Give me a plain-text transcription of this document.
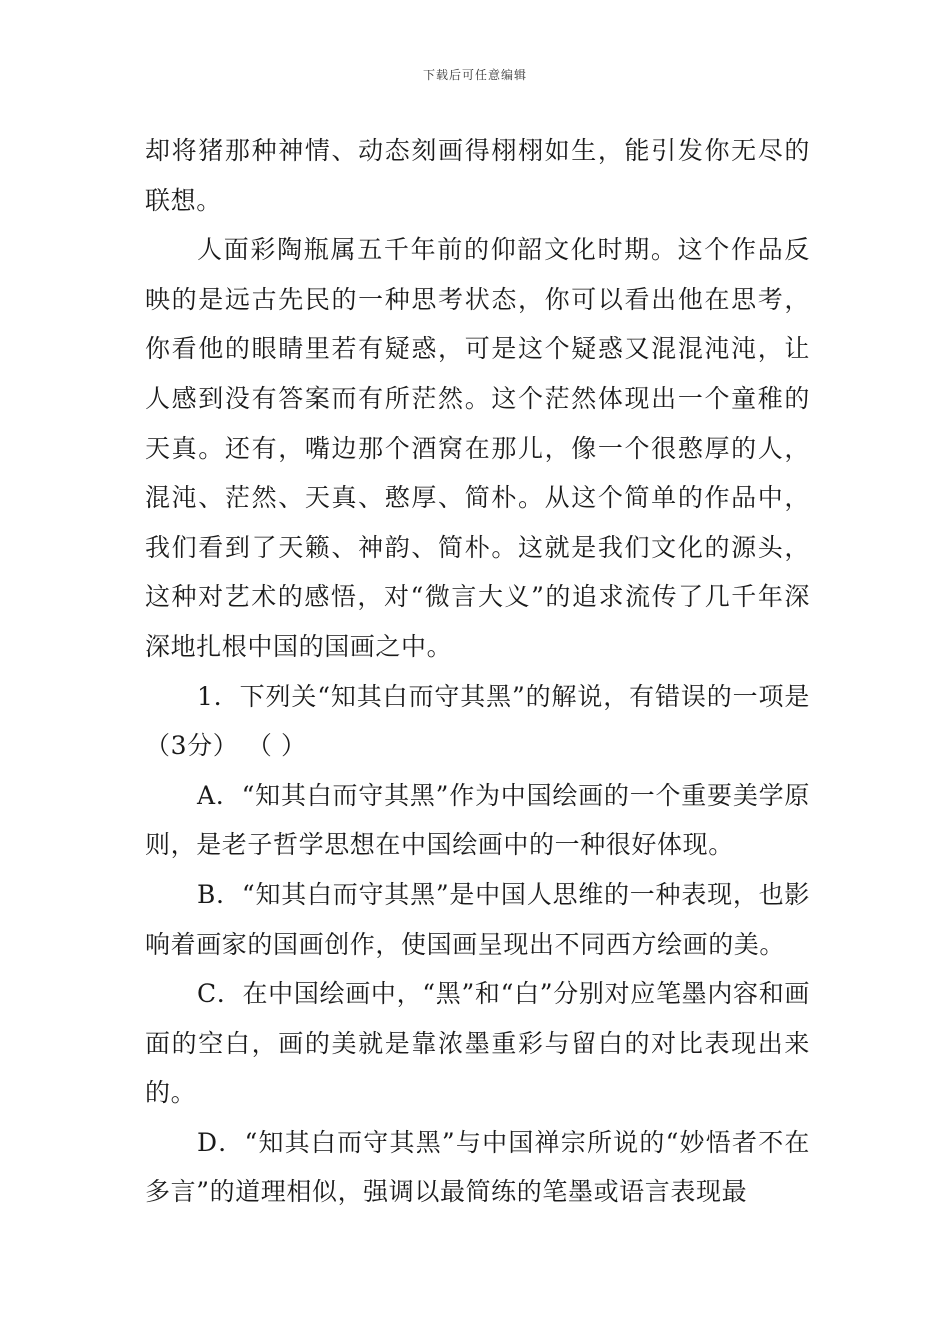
下载后可任意编辑

却将猪那种神情、动态刻画得栩栩如生，能引发你无尽的联想。

人面彩陶瓶属五千年前的仰韶文化时期。这个作品反映的是远古先民的一种思考状态，你可以看出他在思考，你看他的眼睛里若有疑惑，可是这个疑惑又混混沌沌，让人感到没有答案而有所茫然。这个茫然体现出一个童稚的天真。还有，嘴边那个酒窝在那儿，像一个很憨厚的人，混沌、茫然、天真、憨厚、简朴。从这个简单的作品中，我们看到了天籁、神韵、简朴。这就是我们文化的源头，这种对艺术的感悟，对“微言大义”的追求流传了几千年深深地扎根中国的国画之中。

1．下列关“知其白而守其黑”的解说，有错误的一项是（3分） （ ）

A．“知其白而守其黑”作为中国绘画的一个重要美学原则，是老子哲学思想在中国绘画中的一种很好体现。

B．“知其白而守其黑”是中国人思维的一种表现，也影响着画家的国画创作，使国画呈现出不同西方绘画的美。

C．在中国绘画中，“黑”和“白”分别对应笔墨内容和画面的空白，画的美就是靠浓墨重彩与留白的对比表现出来的。

D．“知其白而守其黑”与中国禅宗所说的“妙悟者不在多言”的道理相似，强调以最简练的笔墨或语言表现最
